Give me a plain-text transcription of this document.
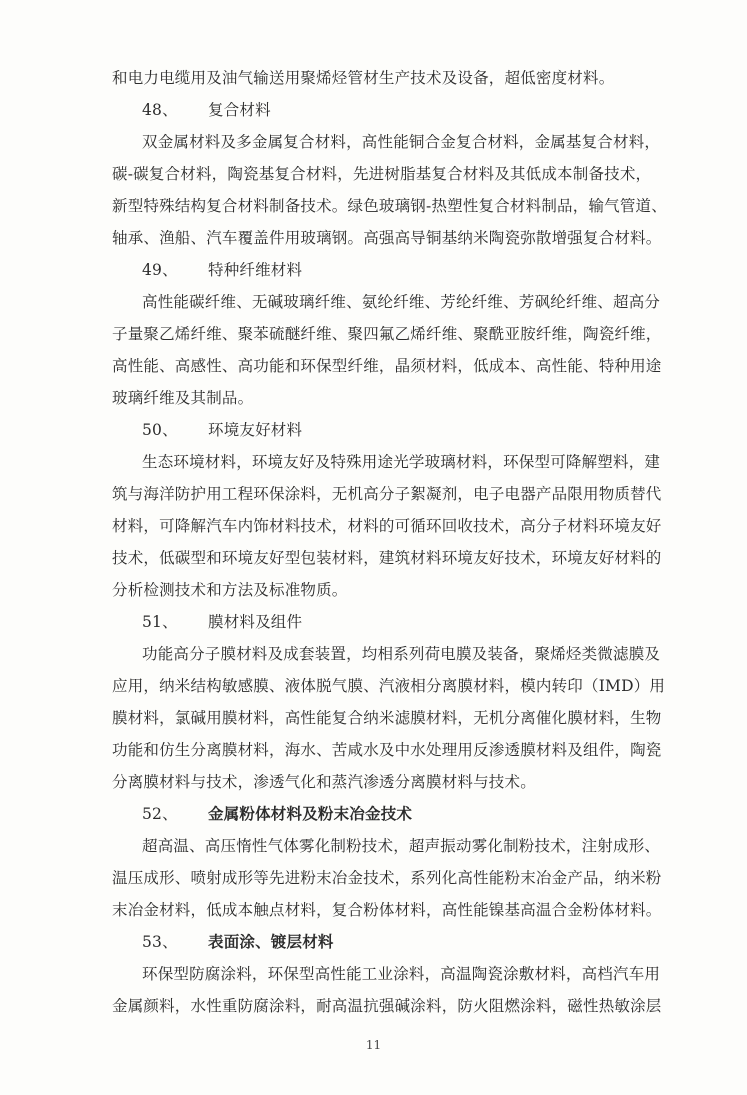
和电力电缆用及油气输送用聚烯烃管材生产技术及设备，超低密度材料。
48、 复合材料
双金属材料及多金属复合材料，高性能铜合金复合材料，金属基复合材料，
碳-碳复合材料，陶瓷基复合材料，先进树脂基复合材料及其低成本制备技术，
新型特殊结构复合材料制备技术。绿色玻璃钢-热塑性复合材料制品，输气管道、
轴承、渔船、汽车覆盖件用玻璃钢。高强高导铜基纳米陶瓷弥散增强复合材料。
49、 特种纤维材料
高性能碳纤维、无碱玻璃纤维、氨纶纤维、芳纶纤维、芳砜纶纤维、超高分
子量聚乙烯纤维、聚苯硫醚纤维、聚四氟乙烯纤维、聚酰亚胺纤维，陶瓷纤维，
高性能、高感性、高功能和环保型纤维，晶须材料，低成本、高性能、特种用途
玻璃纤维及其制品。
50、 环境友好材料
生态环境材料，环境友好及特殊用途光学玻璃材料，环保型可降解塑料，建
筑与海洋防护用工程环保涂料，无机高分子絮凝剂，电子电器产品限用物质替代
材料，可降解汽车内饰材料技术，材料的可循环回收技术，高分子材料环境友好
技术，低碳型和环境友好型包装材料，建筑材料环境友好技术，环境友好材料的
分析检测技术和方法及标准物质。
51、 膜材料及组件
功能高分子膜材料及成套装置，均相系列荷电膜及装备，聚烯烃类微滤膜及
应用，纳米结构敏感膜、液体脱气膜、汽液相分离膜材料，模内转印（IMD）用
膜材料，氯碱用膜材料，高性能复合纳米滤膜材料，无机分离催化膜材料，生物
功能和仿生分离膜材料，海水、苦咸水及中水处理用反渗透膜材料及组件，陶瓷
分离膜材料与技术，渗透气化和蒸汽渗透分离膜材料与技术。
52、 金属粉体材料及粉末冶金技术
超高温、高压惰性气体雾化制粉技术，超声振动雾化制粉技术，注射成形、
温压成形、喷射成形等先进粉末冶金技术，系列化高性能粉末冶金产品，纳米粉
末冶金材料，低成本触点材料，复合粉体材料，高性能镍基高温合金粉体材料。
53、 表面涂、镀层材料
环保型防腐涂料，环保型高性能工业涂料，高温陶瓷涂敷材料，高档汽车用
金属颜料，水性重防腐涂料，耐高温抗强碱涂料，防火阻燃涂料，磁性热敏涂层
11
